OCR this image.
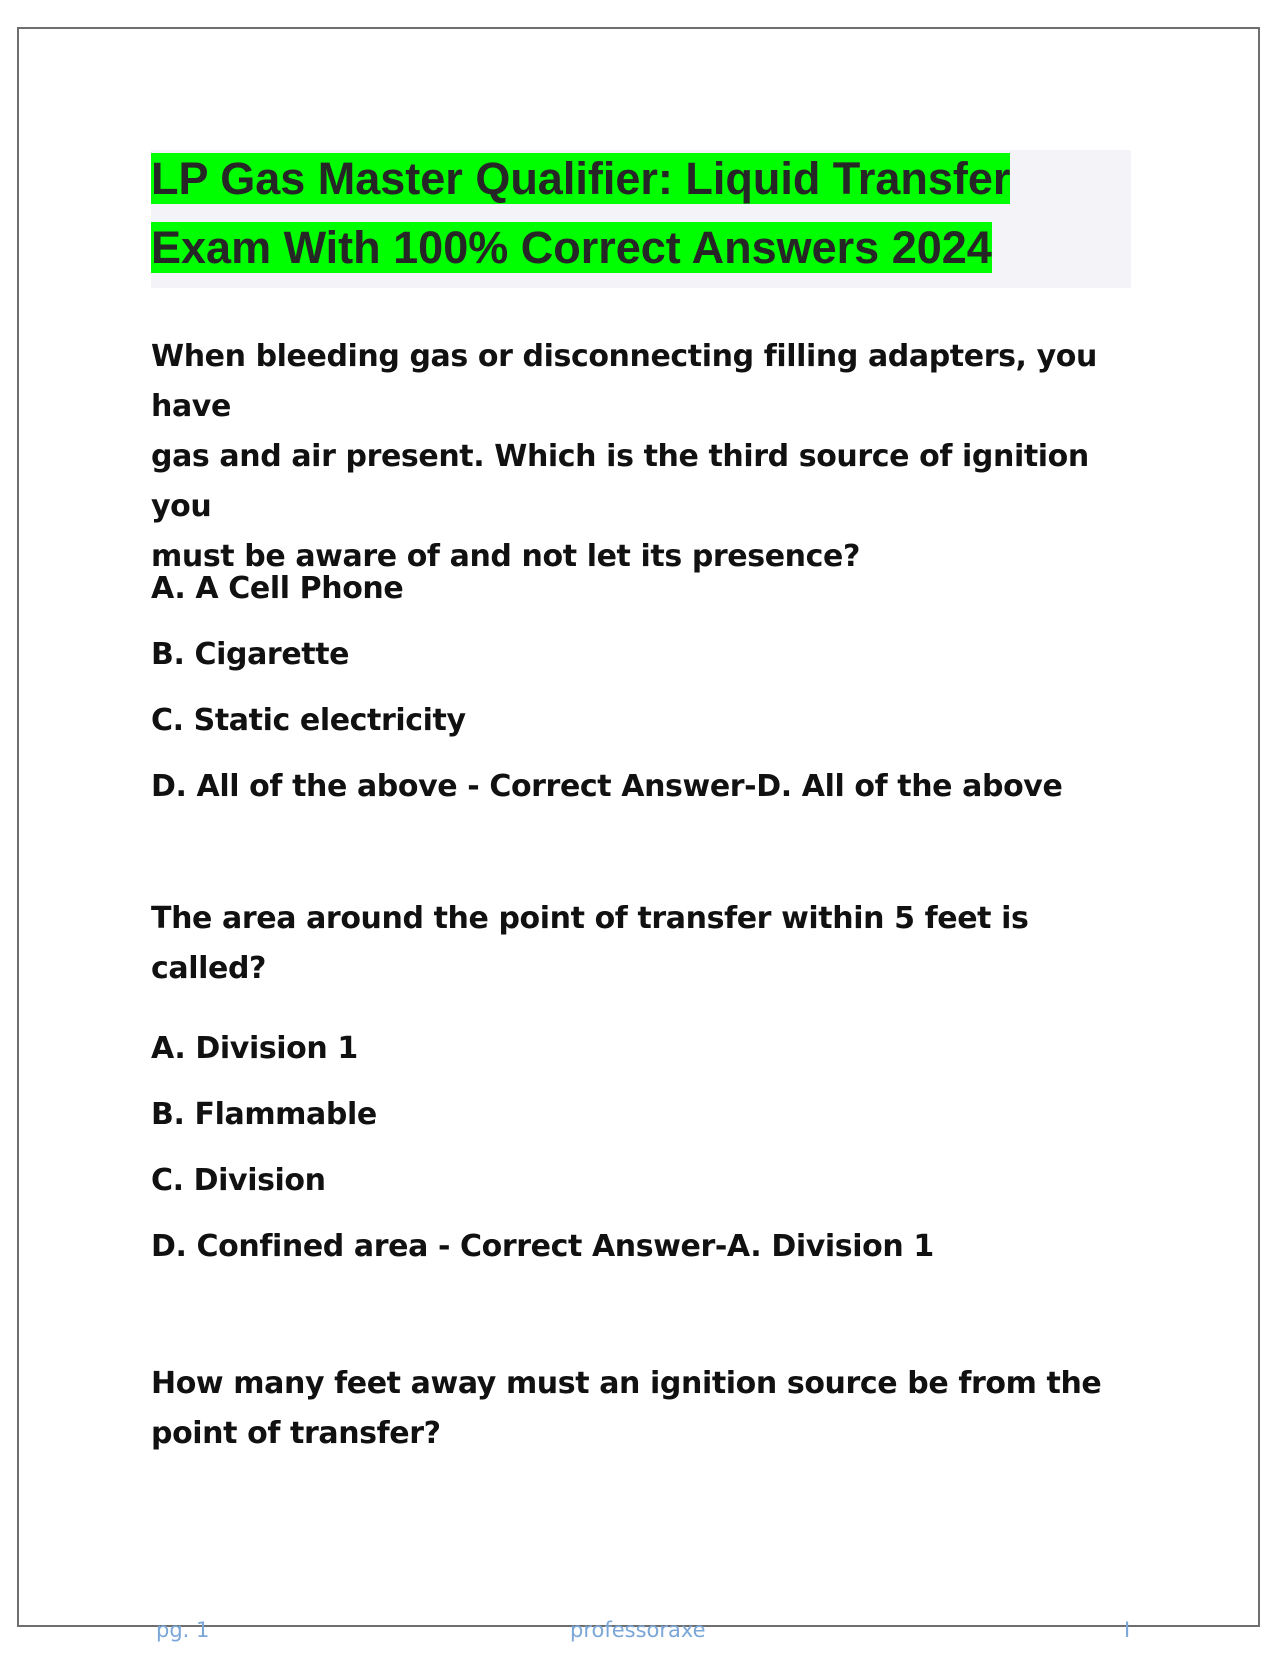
LP Gas Master Qualifier: Liquid Transfer
Exam With 100% Correct Answers 2024

When bleeding gas or disconnecting filling adapters, you have

gas and air present. Which is the third source of ignition you

must be aware of and not let its presence?

A. A Cell Phone

B. Cigarette

C. Static electricity

D. All of the above - Correct Answer-D. All of the above

The area around the point of transfer within 5 feet is called?

A. Division 1

B. Flammable

C. Division

D. Confined area - Correct Answer-A. Division 1

How many feet away must an ignition source be from the

point of transfer?

pg. 1	professoraxe	I
